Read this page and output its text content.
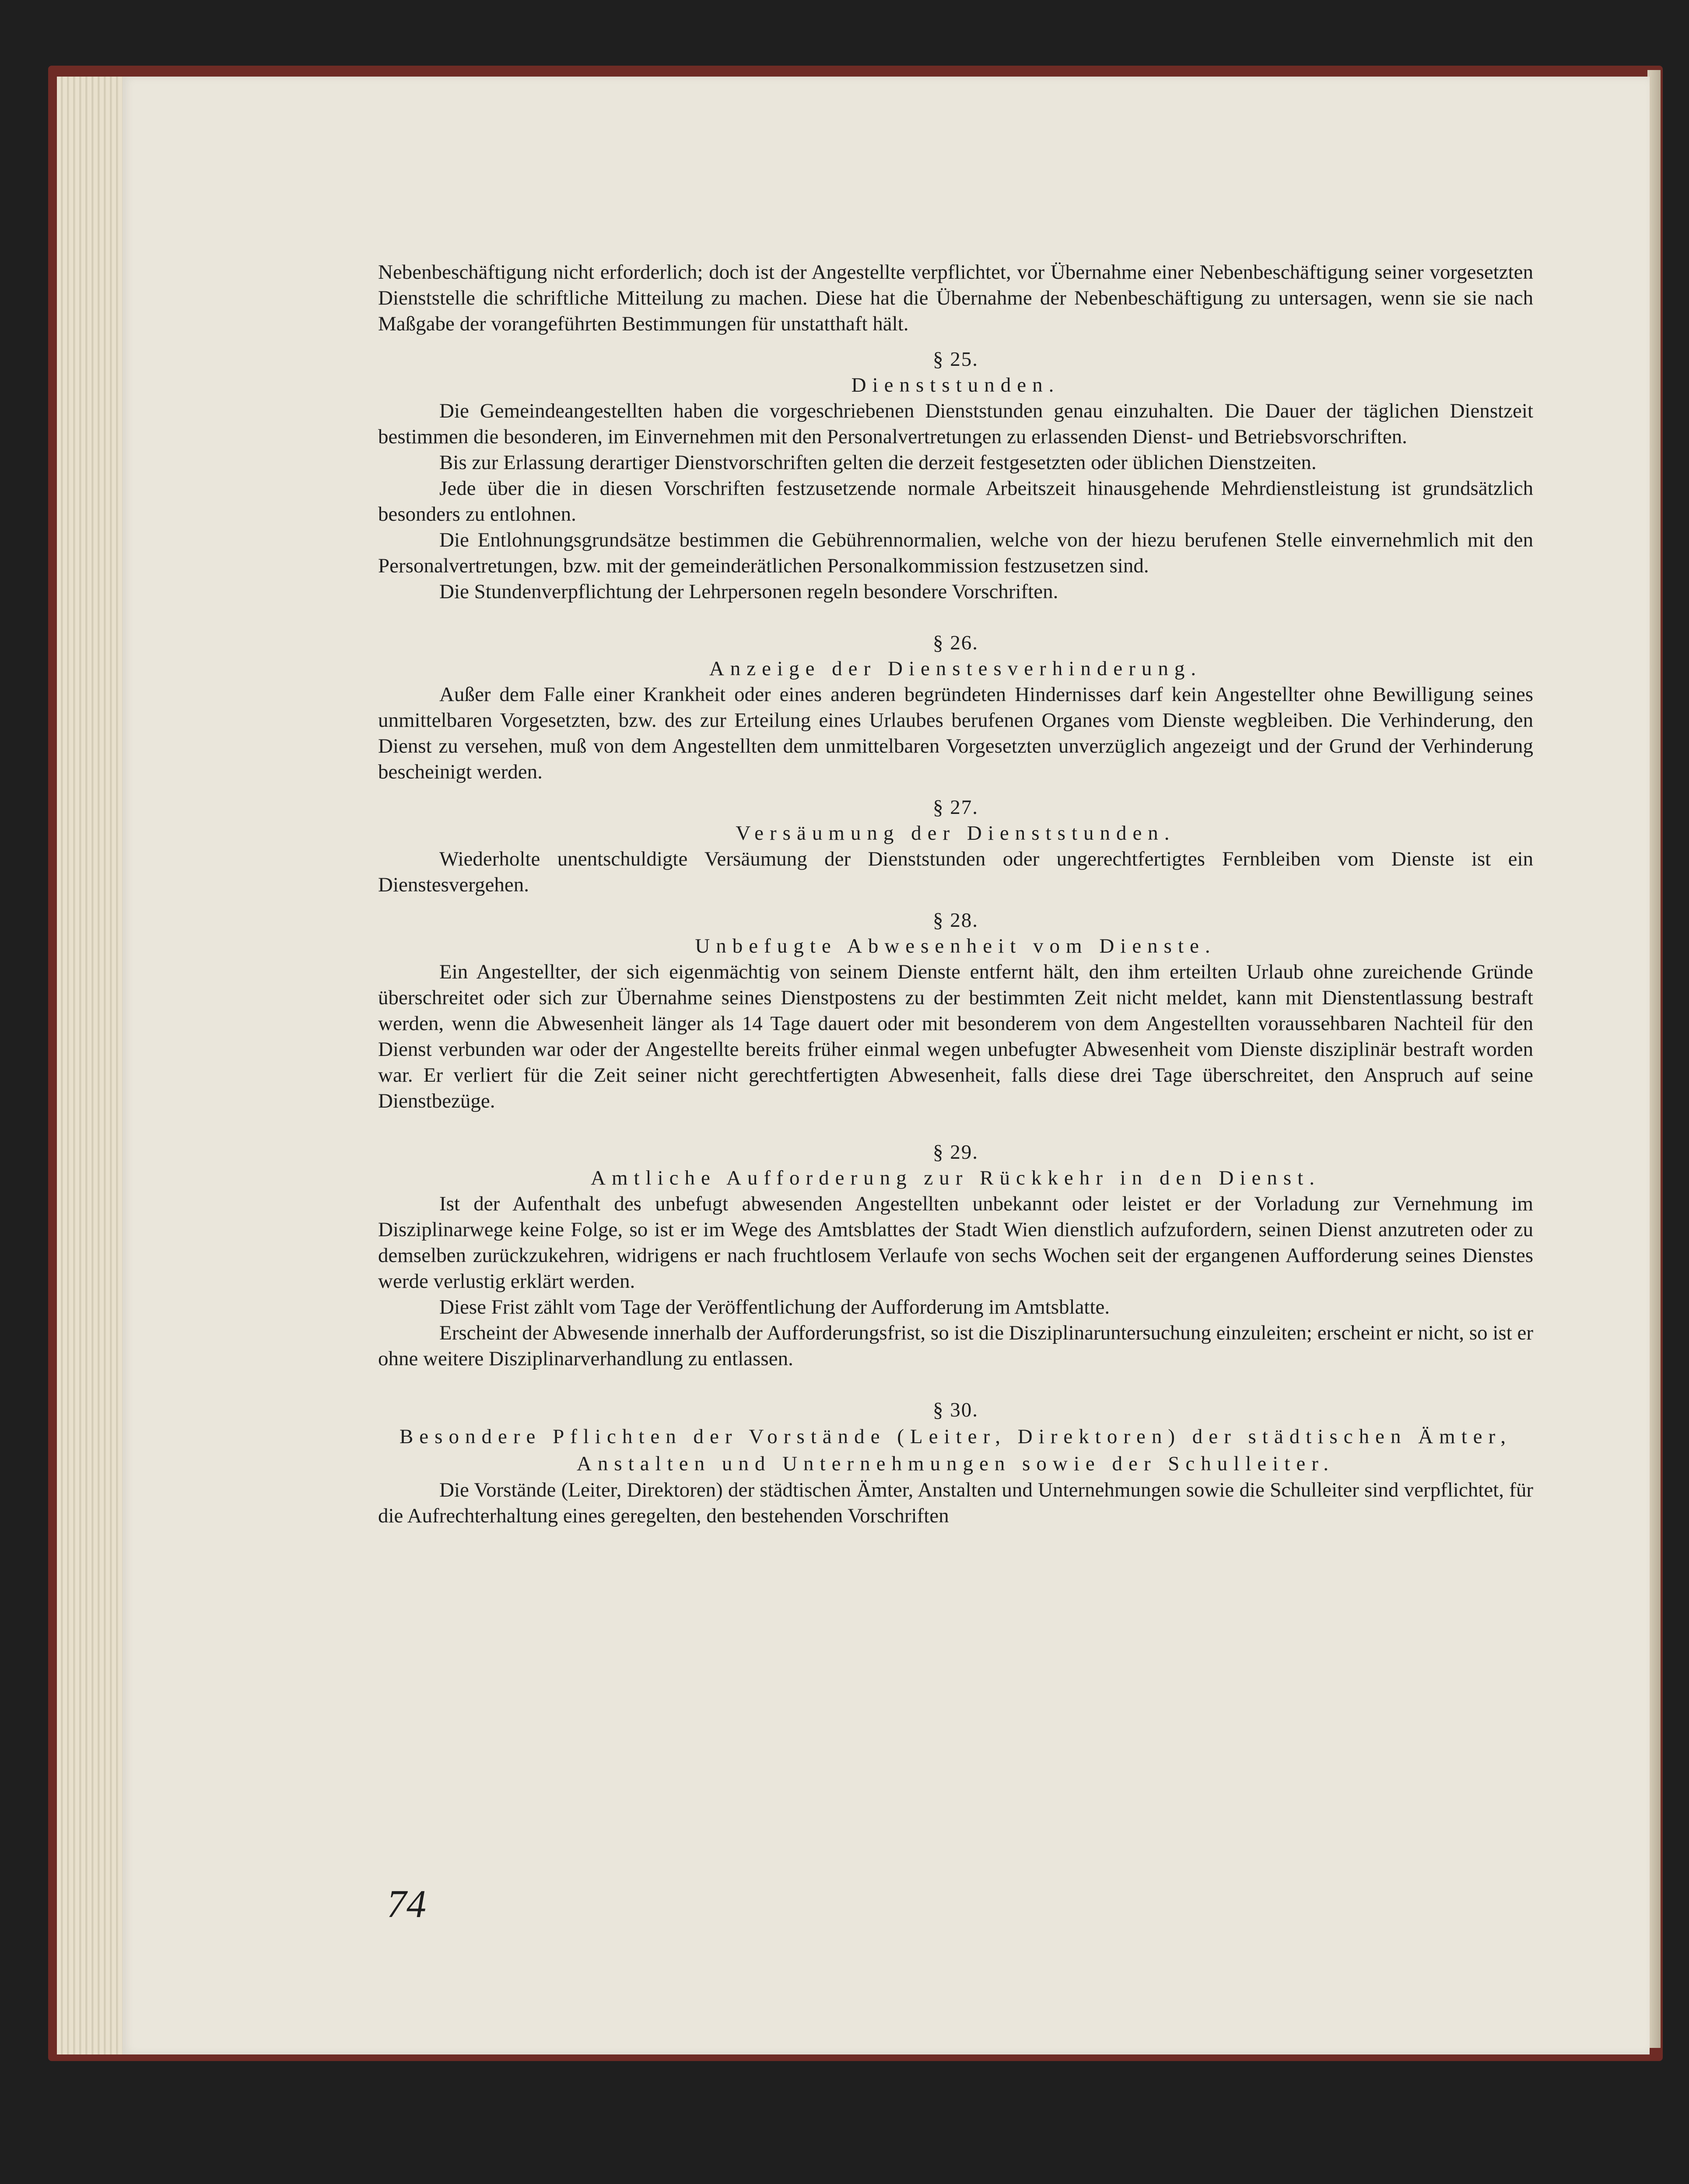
Nebenbeschäftigung nicht erforderlich; doch ist der Angestellte verpflichtet, vor Übernahme einer Nebenbeschäftigung seiner vorgesetzten Dienststelle die schriftliche Mitteilung zu machen. Diese hat die Übernahme der Nebenbeschäftigung zu untersagen, wenn sie sie nach Maßgabe der vorangeführten Bestimmungen für unstatthaft hält.

§ 25.

Dienststunden.

Die Gemeindeangestellten haben die vorgeschriebenen Dienststunden genau einzuhalten. Die Dauer der täglichen Dienstzeit bestimmen die besonderen, im Einvernehmen mit den Personalvertretungen zu erlassenden Dienst- und Betriebsvorschriften.

Bis zur Erlassung derartiger Dienstvorschriften gelten die derzeit festgesetzten oder üblichen Dienstzeiten.

Jede über die in diesen Vorschriften festzusetzende normale Arbeitszeit hinausgehende Mehrdienstleistung ist grundsätzlich besonders zu entlohnen.

Die Entlohnungsgrundsätze bestimmen die Gebührennormalien, welche von der hiezu berufenen Stelle einvernehmlich mit den Personalvertretungen, bzw. mit der gemeinderätlichen Personalkommission festzusetzen sind.

Die Stundenverpflichtung der Lehrpersonen regeln besondere Vorschriften.

§ 26.

Anzeige der Dienstesverhinderung.

Außer dem Falle einer Krankheit oder eines anderen begründeten Hindernisses darf kein Angestellter ohne Bewilligung seines unmittelbaren Vorgesetzten, bzw. des zur Erteilung eines Urlaubes berufenen Organes vom Dienste wegbleiben. Die Verhinderung, den Dienst zu versehen, muß von dem Angestellten dem unmittelbaren Vorgesetzten unverzüglich angezeigt und der Grund der Verhinderung bescheinigt werden.

§ 27.

Versäumung der Dienststunden.

Wiederholte unentschuldigte Versäumung der Dienststunden oder ungerechtfertigtes Fernbleiben vom Dienste ist ein Dienstesvergehen.

§ 28.

Unbefugte Abwesenheit vom Dienste.

Ein Angestellter, der sich eigenmächtig von seinem Dienste entfernt hält, den ihm erteilten Urlaub ohne zureichende Gründe überschreitet oder sich zur Übernahme seines Dienstpostens zu der bestimmten Zeit nicht meldet, kann mit Dienstentlassung bestraft werden, wenn die Abwesenheit länger als 14 Tage dauert oder mit besonderem von dem Angestellten voraussehbaren Nachteil für den Dienst verbunden war oder der Angestellte bereits früher einmal wegen unbefugter Abwesenheit vom Dienste disziplinär bestraft worden war. Er verliert für die Zeit seiner nicht gerechtfertigten Abwesenheit, falls diese drei Tage überschreitet, den Anspruch auf seine Dienstbezüge.

§ 29.

Amtliche Aufforderung zur Rückkehr in den Dienst.

Ist der Aufenthalt des unbefugt abwesenden Angestellten unbekannt oder leistet er der Vorladung zur Vernehmung im Disziplinarwege keine Folge, so ist er im Wege des Amtsblattes der Stadt Wien dienstlich aufzufordern, seinen Dienst anzutreten oder zu demselben zurückzukehren, widrigens er nach fruchtlosem Verlaufe von sechs Wochen seit der ergangenen Aufforderung seines Dienstes werde verlustig erklärt werden.

Diese Frist zählt vom Tage der Veröffentlichung der Aufforderung im Amtsblatte.

Erscheint der Abwesende innerhalb der Aufforderungsfrist, so ist die Disziplinaruntersuchung einzuleiten; erscheint er nicht, so ist er ohne weitere Disziplinarverhandlung zu entlassen.

§ 30.

Besondere Pflichten der Vorstände (Leiter, Direktoren) der städtischen Ämter, Anstalten und Unternehmungen sowie der Schulleiter.

Die Vorstände (Leiter, Direktoren) der städtischen Ämter, Anstalten und Unternehmungen sowie die Schulleiter sind verpflichtet, für die Aufrechterhaltung eines geregelten, den bestehenden Vorschriften

74
